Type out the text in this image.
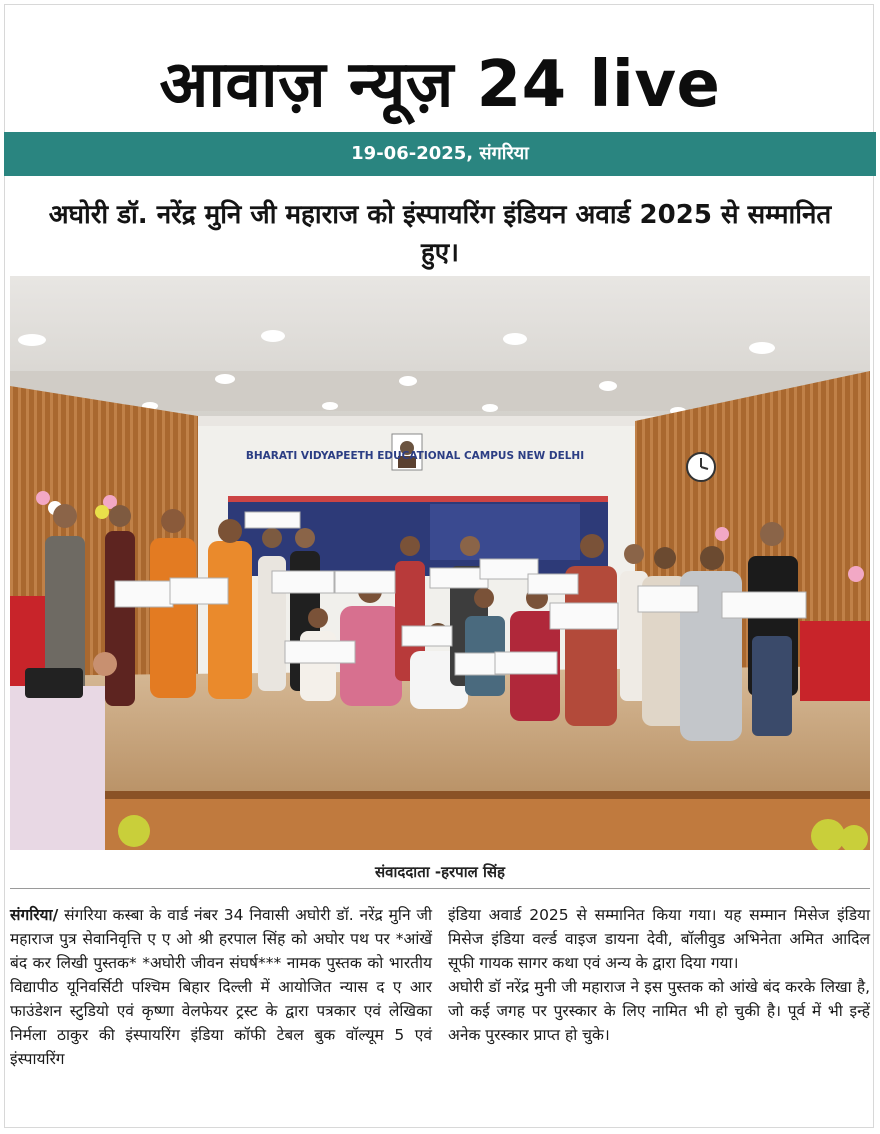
आवाज़ न्यूज़ 24 live
19-06-2025, संगरिया
अघोरी डॉ. नरेंद्र मुनि जी महाराज को इंस्पायरिंग इंडियन अवार्ड 2025 से सम्मानित हुए।
BHARATI VIDYAPEETH EDUCATIONAL CAMPUS NEW DELHI
संवाददाता -हरपाल सिंह

संगरिया/ संगरिया कस्बा के वार्ड नंबर 34 निवासी अघोरी डॉ. नरेंद्र मुनि जी महाराज पुत्र सेवानिवृत्ति ए ए ओ श्री हरपाल सिंह को अघोर पथ पर *आंखें बंद कर लिखी पुस्तक* *अघोरी जीवन संघर्ष*** नामक पुस्तक को भारतीय विद्यापीठ यूनिवर्सिटी पश्चिम बिहार दिल्ली में आयोजित न्यास द ए आर फाउंडेशन स्टुडियो एवं कृष्णा वेलफेयर ट्रस्ट के द्वारा पत्रकार एवं लेखिका निर्मला ठाकुर की इंस्पायरिंग इंडिया कॉफी टेबल बुक वॉल्यूम 5 एवं इंस्पायरिंग

इंडिया अवार्ड 2025 से सम्मानित किया गया। यह सम्मान मिसेज इंडिया मिसेज इंडिया वर्ल्ड वाइज डायना देवी, बॉलीवुड अभिनेता अमित आदिल सूफी गायक सागर कथा एवं अन्य के द्वारा दिया गया।

अघोरी डॉ नरेंद्र मुनी जी महाराज ने इस पुस्तक को आंखे बंद करके लिखा है, जो कई जगह पर पुरस्कार के लिए नामित भी हो चुकी है। पूर्व में भी इन्हें अनेक पुरस्कार प्राप्त हो चुके।
